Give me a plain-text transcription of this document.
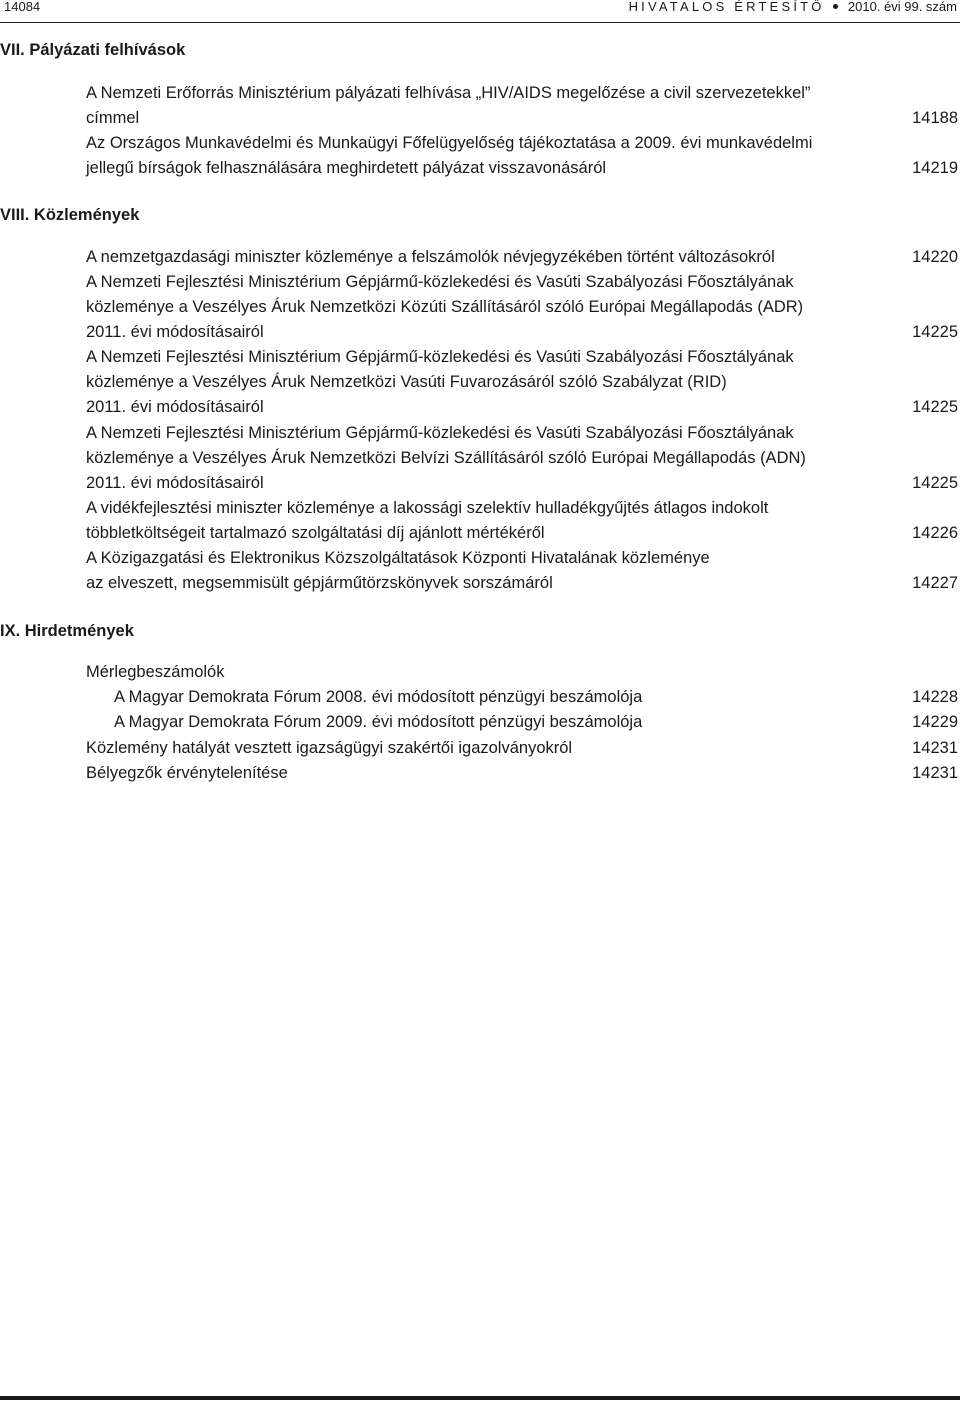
14084	HIVATALOS ÉRTESÍTŐ 2010. évi 99. szám
VII. Pályázati felhívások
A Nemzeti Erőforrás Minisztérium pályázati felhívása „HIV/AIDS megelőzése a civil szervezetekkel”
címmel	14188
Az Országos Munkavédelmi és Munkaügyi Főfelügyelőség tájékoztatása a 2009. évi munkavédelmi
jellegű bírságok felhasználására meghirdetett pályázat visszavonásáról	14219
VIII. Közlemények
A nemzetgazdasági miniszter közleménye a felszámolók névjegyzékében történt változásokról	14220
A Nemzeti Fejlesztési Minisztérium Gépjármű-közlekedési és Vasúti Szabályozási Főosztályának
közleménye a Veszélyes Áruk Nemzetközi Közúti Szállításáról szóló Európai Megállapodás (ADR)
2011. évi módosításairól	14225
A Nemzeti Fejlesztési Minisztérium Gépjármű-közlekedési és Vasúti Szabályozási Főosztályának
közleménye a Veszélyes Áruk Nemzetközi Vasúti Fuvarozásáról szóló Szabályzat (RID)
2011. évi módosításairól	14225
A Nemzeti Fejlesztési Minisztérium Gépjármű-közlekedési és Vasúti Szabályozási Főosztályának
közleménye a Veszélyes Áruk Nemzetközi Belvízi Szállításáról szóló Európai Megállapodás (ADN)
2011. évi módosításairól	14225
A vidékfejlesztési miniszter közleménye a lakossági szelektív hulladékgyűjtés átlagos indokolt
többletköltségeit tartalmazó szolgáltatási díj ajánlott mértékéről	14226
A Közigazgatási és Elektronikus Közszolgáltatások Központi Hivatalának közleménye
az elveszett, megsemmisült gépjárműtörzskönyvek sorszámáról	14227
IX. Hirdetmények
Mérlegbeszámolók
A Magyar Demokrata Fórum 2008. évi módosított pénzügyi beszámolója	14228
A Magyar Demokrata Fórum 2009. évi módosított pénzügyi beszámolója	14229
Közlemény hatályát vesztett igazságügyi szakértői igazolványokról	14231
Bélyegzők érvénytelenítése	14231
